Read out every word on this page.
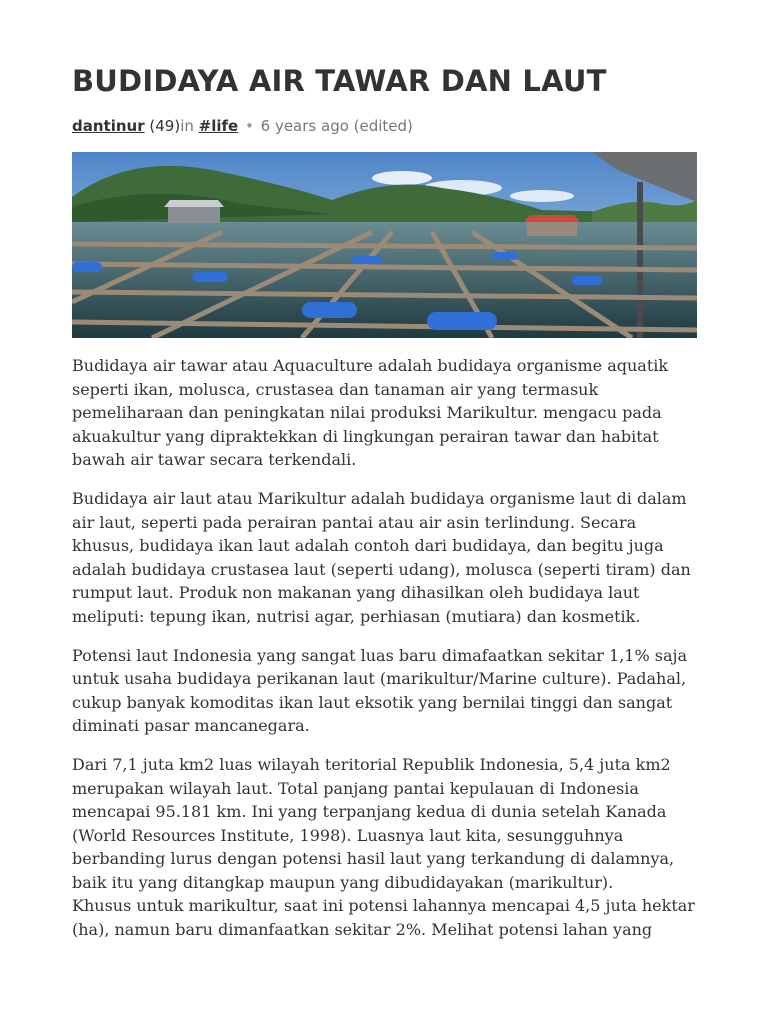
BUDIDAYA AIR TAWAR DAN LAUT
dantinur (49)in #life • 6 years ago (edited)

Budidaya air tawar atau Aquaculture adalah budidaya organisme aquatik seperti ikan, molusca, crustasea dan tanaman air yang termasuk pemeliharaan dan peningkatan nilai produksi Marikultur. mengacu pada akuakultur yang dipraktekkan di lingkungan perairan tawar dan habitat bawah air tawar secara terkendali.

Budidaya air laut atau Marikultur adalah budidaya organisme laut di dalam air laut, seperti pada perairan pantai atau air asin terlindung. Secara khusus, budidaya ikan laut adalah contoh dari budidaya, dan begitu juga adalah budidaya crustasea laut (seperti udang), molusca (seperti tiram) dan rumput laut. Produk non makanan yang dihasilkan oleh budidaya laut meliputi: tepung ikan, nutrisi agar, perhiasan (mutiara) dan kosmetik.

Potensi laut Indonesia yang sangat luas baru dimafaatkan sekitar 1,1% saja untuk usaha budidaya perikanan laut (marikultur/Marine culture). Padahal, cukup banyak komoditas ikan laut eksotik yang bernilai tinggi dan sangat diminati pasar mancanegara.

Dari 7,1 juta km2 luas wilayah teritorial Republik Indonesia, 5,4 juta km2 merupakan wilayah laut. Total panjang pantai kepulauan di Indonesia mencapai 95.181 km. Ini yang terpanjang kedua di dunia setelah Kanada (World Resources Institute, 1998). Luasnya laut kita, sesungguhnya berbanding lurus dengan potensi hasil laut yang terkandung di dalamnya, baik itu yang ditangkap maupun yang dibudidayakan (marikultur).

Khusus untuk marikultur, saat ini potensi lahannya mencapai 4,5 juta hektar (ha), namun baru dimanfaatkan sekitar 2%. Melihat potensi lahan yang
